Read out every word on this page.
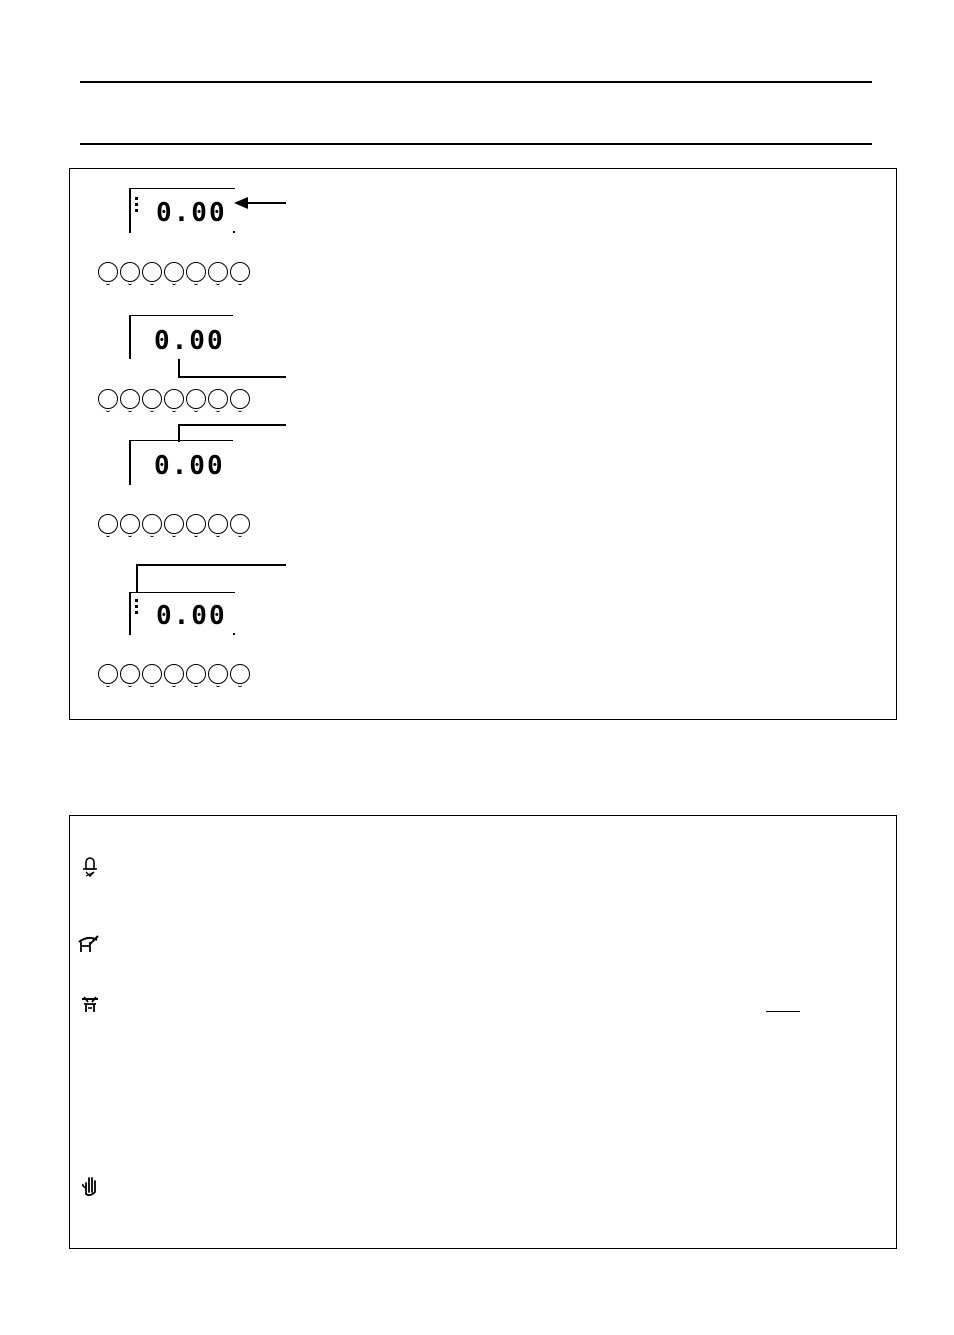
0.00
0.00
0.00
0.00
